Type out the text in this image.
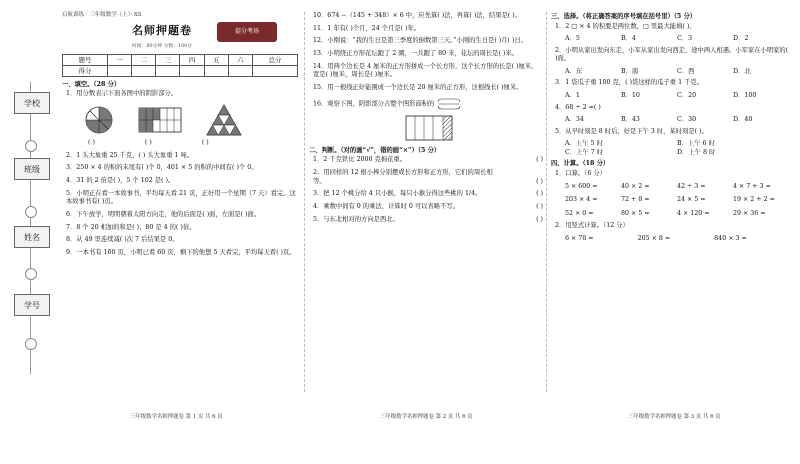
学校
班级
姓名
学号
启航训练 · 三年级数学（上）· XS
名师押题卷	提分考场
时间：80分钟 分数：100分
题号	一	二	三	四	五	六	总分
得分							
一、填空。（28 分）
1．用分数表示下面各图中的阴影部分。
( )	( )	( )
2．1 头大象重 25 千克，( ) 头大象重 1 吨。
3．250 × 4 的积的末尾有( )个 0，401 × 5 的积的中间有( )个 0。
4．31 的 2 倍是( )，5 个 102 是( )。
5．小明正在看一本故事书，平均每天看 21 页，正好用一个星期（7 天）看完。这本故事书有( )页。
6．下午放学，明明朝着太阳方向走，他的后面是( )面，左面是( )面。
7．8 个 20 相加的和是( )；80 是 4 的( )倍。
8．从 49 里连续减( )次 7 后结果是 0。
9．一本书有 160 页，小明已看 60 页，剩下的他想 5 天看完，平均每天看( )页。
三年级数学名师押题卷 第 1 页 共 6 页
10．674 −（145 + 348）× 6 中，应先算( )法，再算( )法，结果是( )。
11．1 年有( )个月，24 个月是( )年。
12．小刚说：“我的生日是第三季度的倒数第三天。”小刚的生日是( )月( )日。
13．小明绕正方形花坛跑了 2 圈，一共跑了 80 米，花坛的周长是( )米。
14．用两个边长是 4 厘米的正方形拼成一个长方形，这个长方形的长是( )厘米，宽是( )厘米，周长是( )厘米。
15．用一根线正好能围成一个边长是 20 厘米的正方形，这根线长( )厘米。
16．观察下图，阴影部分占整个图形面积的
二、判断。（对的画“√”，错的画“×”）（5 分）
1．2 千克铁比 2000 克棉花重。	( )
2．用同样的 12 根小棒分别摆成长方形和正方形，它们的周长相等。	( )
3．把 12 个桃分给 4 只小猴，每只小猴分得这些桃的 1/4。	( )
4．乘数中间有 0 的乘法，计算时 0 可以省略不写。	( )
5．与东北相对的方向是西北。	( )
三年级数学名师押题卷 第 2 页 共 6 页
三、选择。（将正确答案的序号填在括号里）（5 分）
1．2 □ × 4 的积要是两位数，□ 里最大能填( )。
A．5	B．4	C．3	D．2
2．小明从家出发向东走，小军从家出发向西走，途中两人相遇。小军家在小明家的( )面。
A．东	B．南	C．西	D．北
3．1 袋瓜子重 100 克，( )袋这样的瓜子重 1 千克。
A．1	B．10	C．20	D．100
4．68 ÷ 2 =( )
A．34	B．43	C．30	D．40
5．从早时刻是 8 时后，好是下午 3 时，某时刻是( )。
A．上午 5 时	B．上午 6 时
C．上午 7 时	D．上午 8 时
四、计算。（18 分）
1．口算。（6 分）
5 × 600 =	40 × 2 =	42 ÷ 3 =	4 × 7 + 3 =
203 × 4 =	72 + 8 =	24 × 5 =	19 × 2 + 2 =
52 × 0 =	80 × 5 =	4 × 120 =	29 × 36 =
2．用竖式计算。（12 分）
6 × 78 =	205 × 8 =	840 × 3 =
三年级数学名师押题卷 第 3 页 共 6 页
